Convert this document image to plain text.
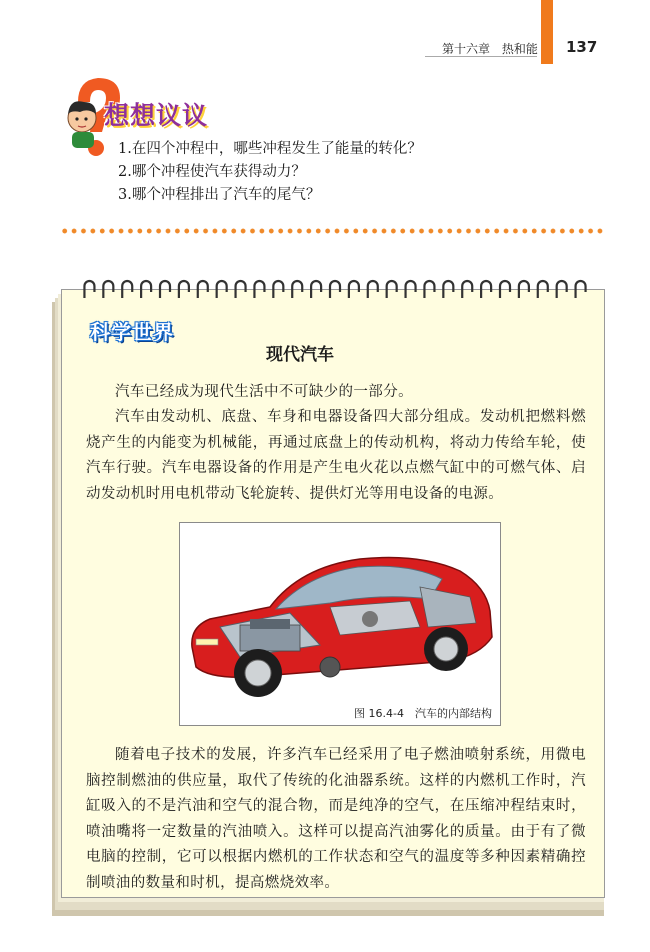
第十六章 热和能	137
想想议议
1.在四个冲程中，哪些冲程发生了能量的转化？
2.哪个冲程使汽车获得动力？
3.哪个冲程排出了汽车的尾气？
科学世界
现代汽车
汽车已经成为现代生活中不可缺少的一部分。
汽车由发动机、底盘、车身和电器设备四大部分组成。发动机把燃料燃烧产生的内能变为机械能，再通过底盘上的传动机构，将动力传给车轮，使汽车行驶。汽车电器设备的作用是产生电火花以点燃气缸中的可燃气体、启动发动机时用电机带动飞轮旋转、提供灯光等用电设备的电源。
图 16.4-4　汽车的内部结构
随着电子技术的发展，许多汽车已经采用了电子燃油喷射系统，用微电脑控制燃油的供应量，取代了传统的化油器系统。这样的内燃机工作时，汽缸吸入的不是汽油和空气的混合物，而是纯净的空气，在压缩冲程结束时，喷油嘴将一定数量的汽油喷入。这样可以提高汽油雾化的质量。由于有了微电脑的控制，它可以根据内燃机的工作状态和空气的温度等多种因素精确控制喷油的数量和时机，提高燃烧效率。
